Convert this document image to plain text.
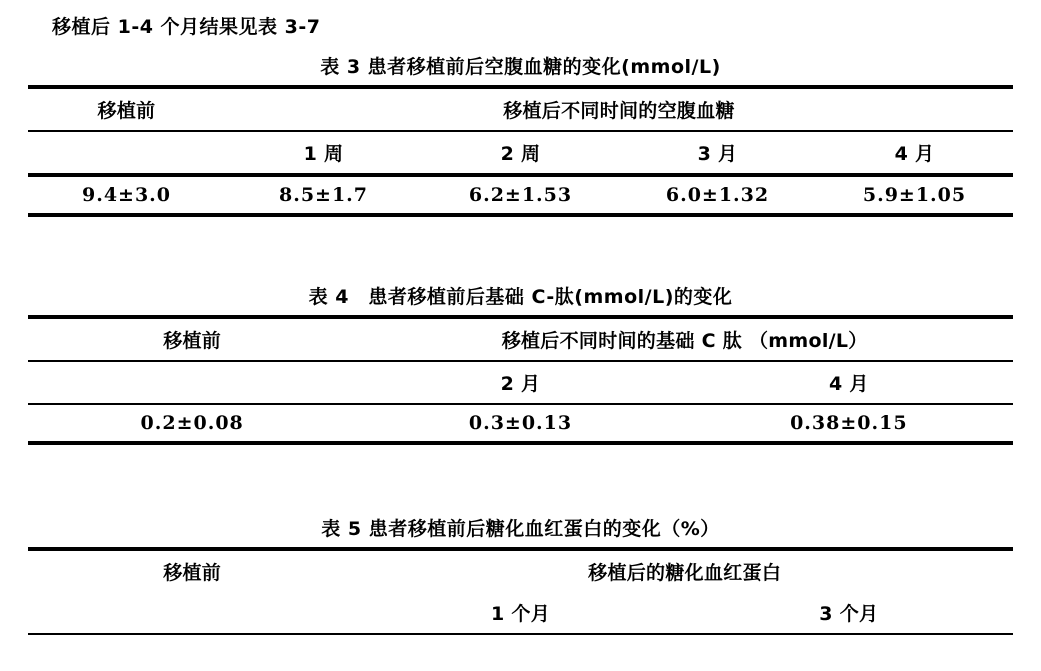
移植后 1-4 个月结果见表 3-7
表 3 患者移植前后空腹血糖的变化(mmol/L)
移植前	移植后不同时间的空腹血糖
	1 周	2 周	3 月	4 月
9.4±3.0	8.5±1.7	6.2±1.53	6.0±1.32	5.9±1.05
表 4　患者移植前后基础 C-肽(mmol/L)的变化
移植前	移植后不同时间的基础 C 肽 （mmol/L）
	2 月	4 月
0.2±0.08	0.3±0.13	0.38±0.15
表 5 患者移植前后糖化血红蛋白的变化（%）
移植前	移植后的糖化血红蛋白
	1 个月	3 个月
